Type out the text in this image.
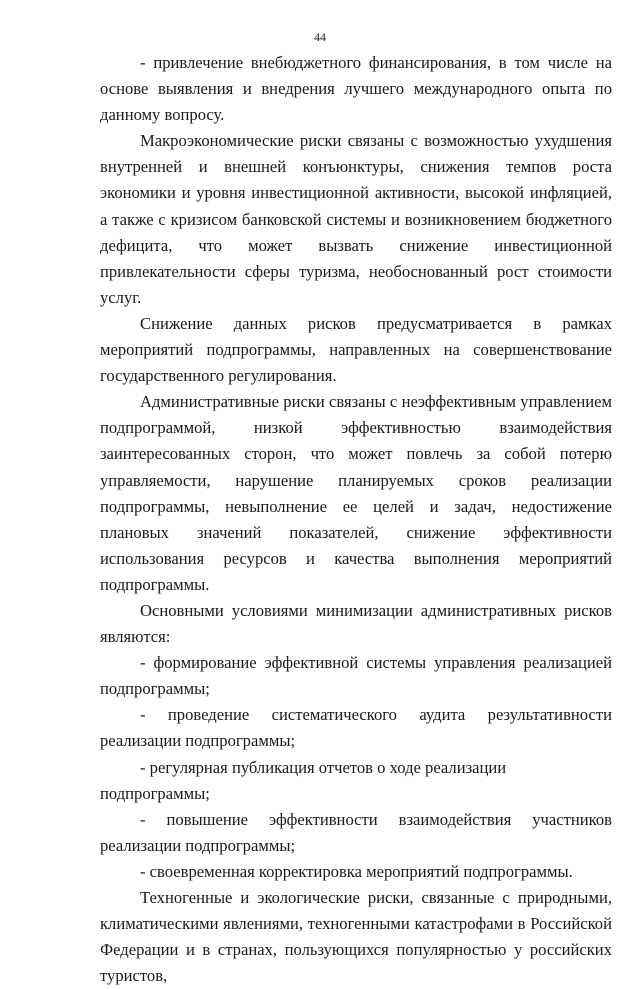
44

- привлечение внебюджетного финансирования, в том числе на основе выявления и внедрения лучшего международного опыта по данному вопросу.

Макроэкономические риски связаны с возможностью ухудшения внутренней и внешней конъюнктуры, снижения темпов роста экономики и уровня инвестиционной активности, высокой инфляцией, а также с кризисом банковской системы и возникновением бюджетного дефицита, что может вызвать снижение инвестиционной привлекательности сферы туризма, необоснованный рост стоимости услуг.

Снижение данных рисков предусматривается в рамках мероприятий подпрограммы, направленных на совершенствование государственного регулирования.

Административные риски связаны с неэффективным управлением подпрограммой, низкой эффективностью взаимодействия заинтересованных сторон, что может повлечь за собой потерю управляемости, нарушение планируемых сроков реализации подпрограммы, невыполнение ее целей и задач, недостижение плановых значений показателей, снижение эффективности использования ресурсов и качества выполнения мероприятий подпрограммы.

Основными условиями минимизации административных рисков являются:

- формирование эффективной системы управления реализацией подпрограммы;

- проведение систематического аудита результативности реализации подпрограммы;

- регулярная публикация отчетов о ходе реализации подпрограммы;

- повышение эффективности взаимодействия участников реализации подпрограммы;

- своевременная корректировка мероприятий подпрограммы.

Техногенные и экологические риски, связанные с природными, климатическими явлениями, техногенными катастрофами в Российской Федерации и в странах, пользующихся популярностью у российских туристов,
